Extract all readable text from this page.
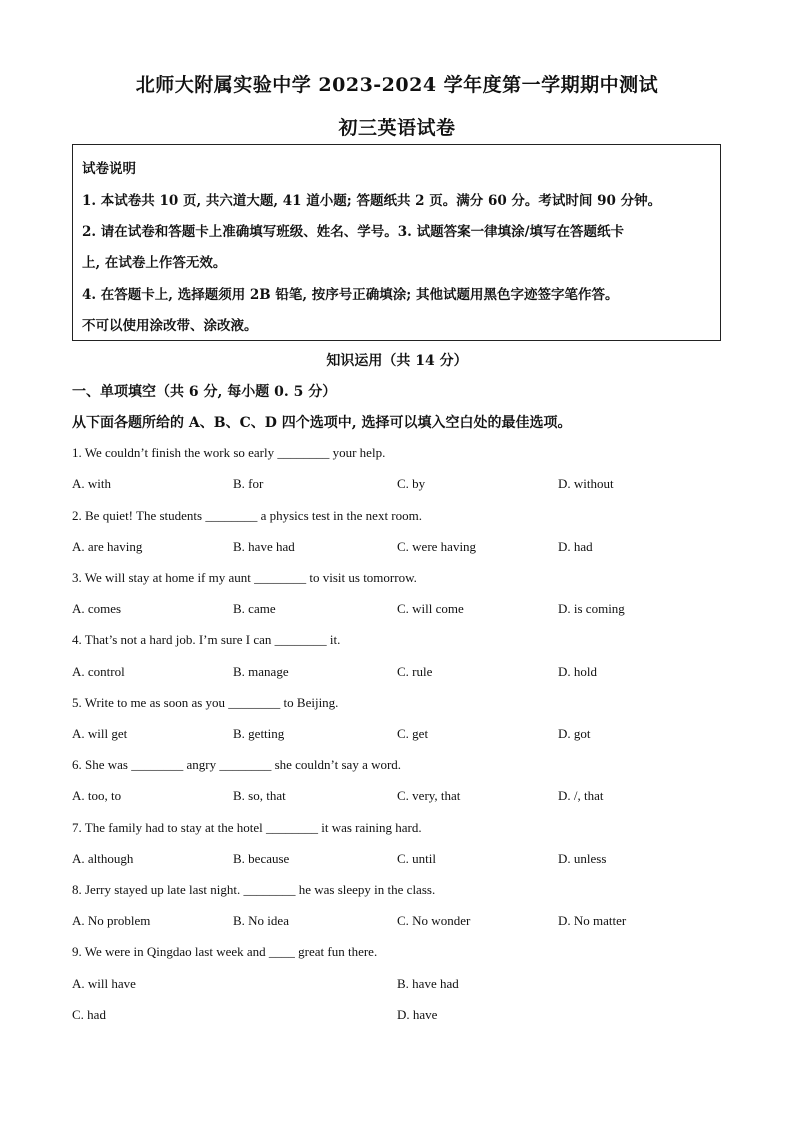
北师大附属实验中学 2023-2024 学年度第一学期期中测试
初三英语试卷
试卷说明
1. 本试卷共 10 页, 共六道大题, 41 道小题; 答题纸共 2 页。满分 60 分。考试时间 90 分钟。
2. 请在试卷和答题卡上准确填写班级、姓名、学号。3. 试题答案一律填涂/填写在答题纸卡
上, 在试卷上作答无效。
4. 在答题卡上, 选择题须用 2B 铅笔, 按序号正确填涂; 其他试题用黑色字迹签字笔作答。
不可以使用涂改带、涂改液。
知识运用（共 14 分）
一、单项填空（共 6 分, 每小题 0. 5 分）
从下面各题所给的 A、B、C、D 四个选项中, 选择可以填入空白处的最佳选项。
1. We couldn’t finish the work so early ________ your help.
A. with	B. for	C. by	D. without
2. Be quiet! The students ________ a physics test in the next room.
A. are having	B. have had	C. were having	D. had
3. We will stay at home if my aunt ________ to visit us tomorrow.
A. comes	B. came	C. will come	D. is coming
4. That’s not a hard job. I’m sure I can ________ it.
A. control	B. manage	C. rule	D. hold
5. Write to me as soon as you ________ to Beijing.
A. will get	B. getting	C. get	D. got
6. She was ________ angry ________ she couldn’t say a word.
A. too, to	B. so, that	C. very, that	D. /, that
7. The family had to stay at the hotel ________ it was raining hard.
A. although	B. because	C. until	D. unless
8. Jerry stayed up late last night. ________ he was sleepy in the class.
A. No problem	B. No idea	C. No wonder	D. No matter
9. We were in Qingdao last week and ____ great fun there.
A. will have	B. have had
C. had	D. have
